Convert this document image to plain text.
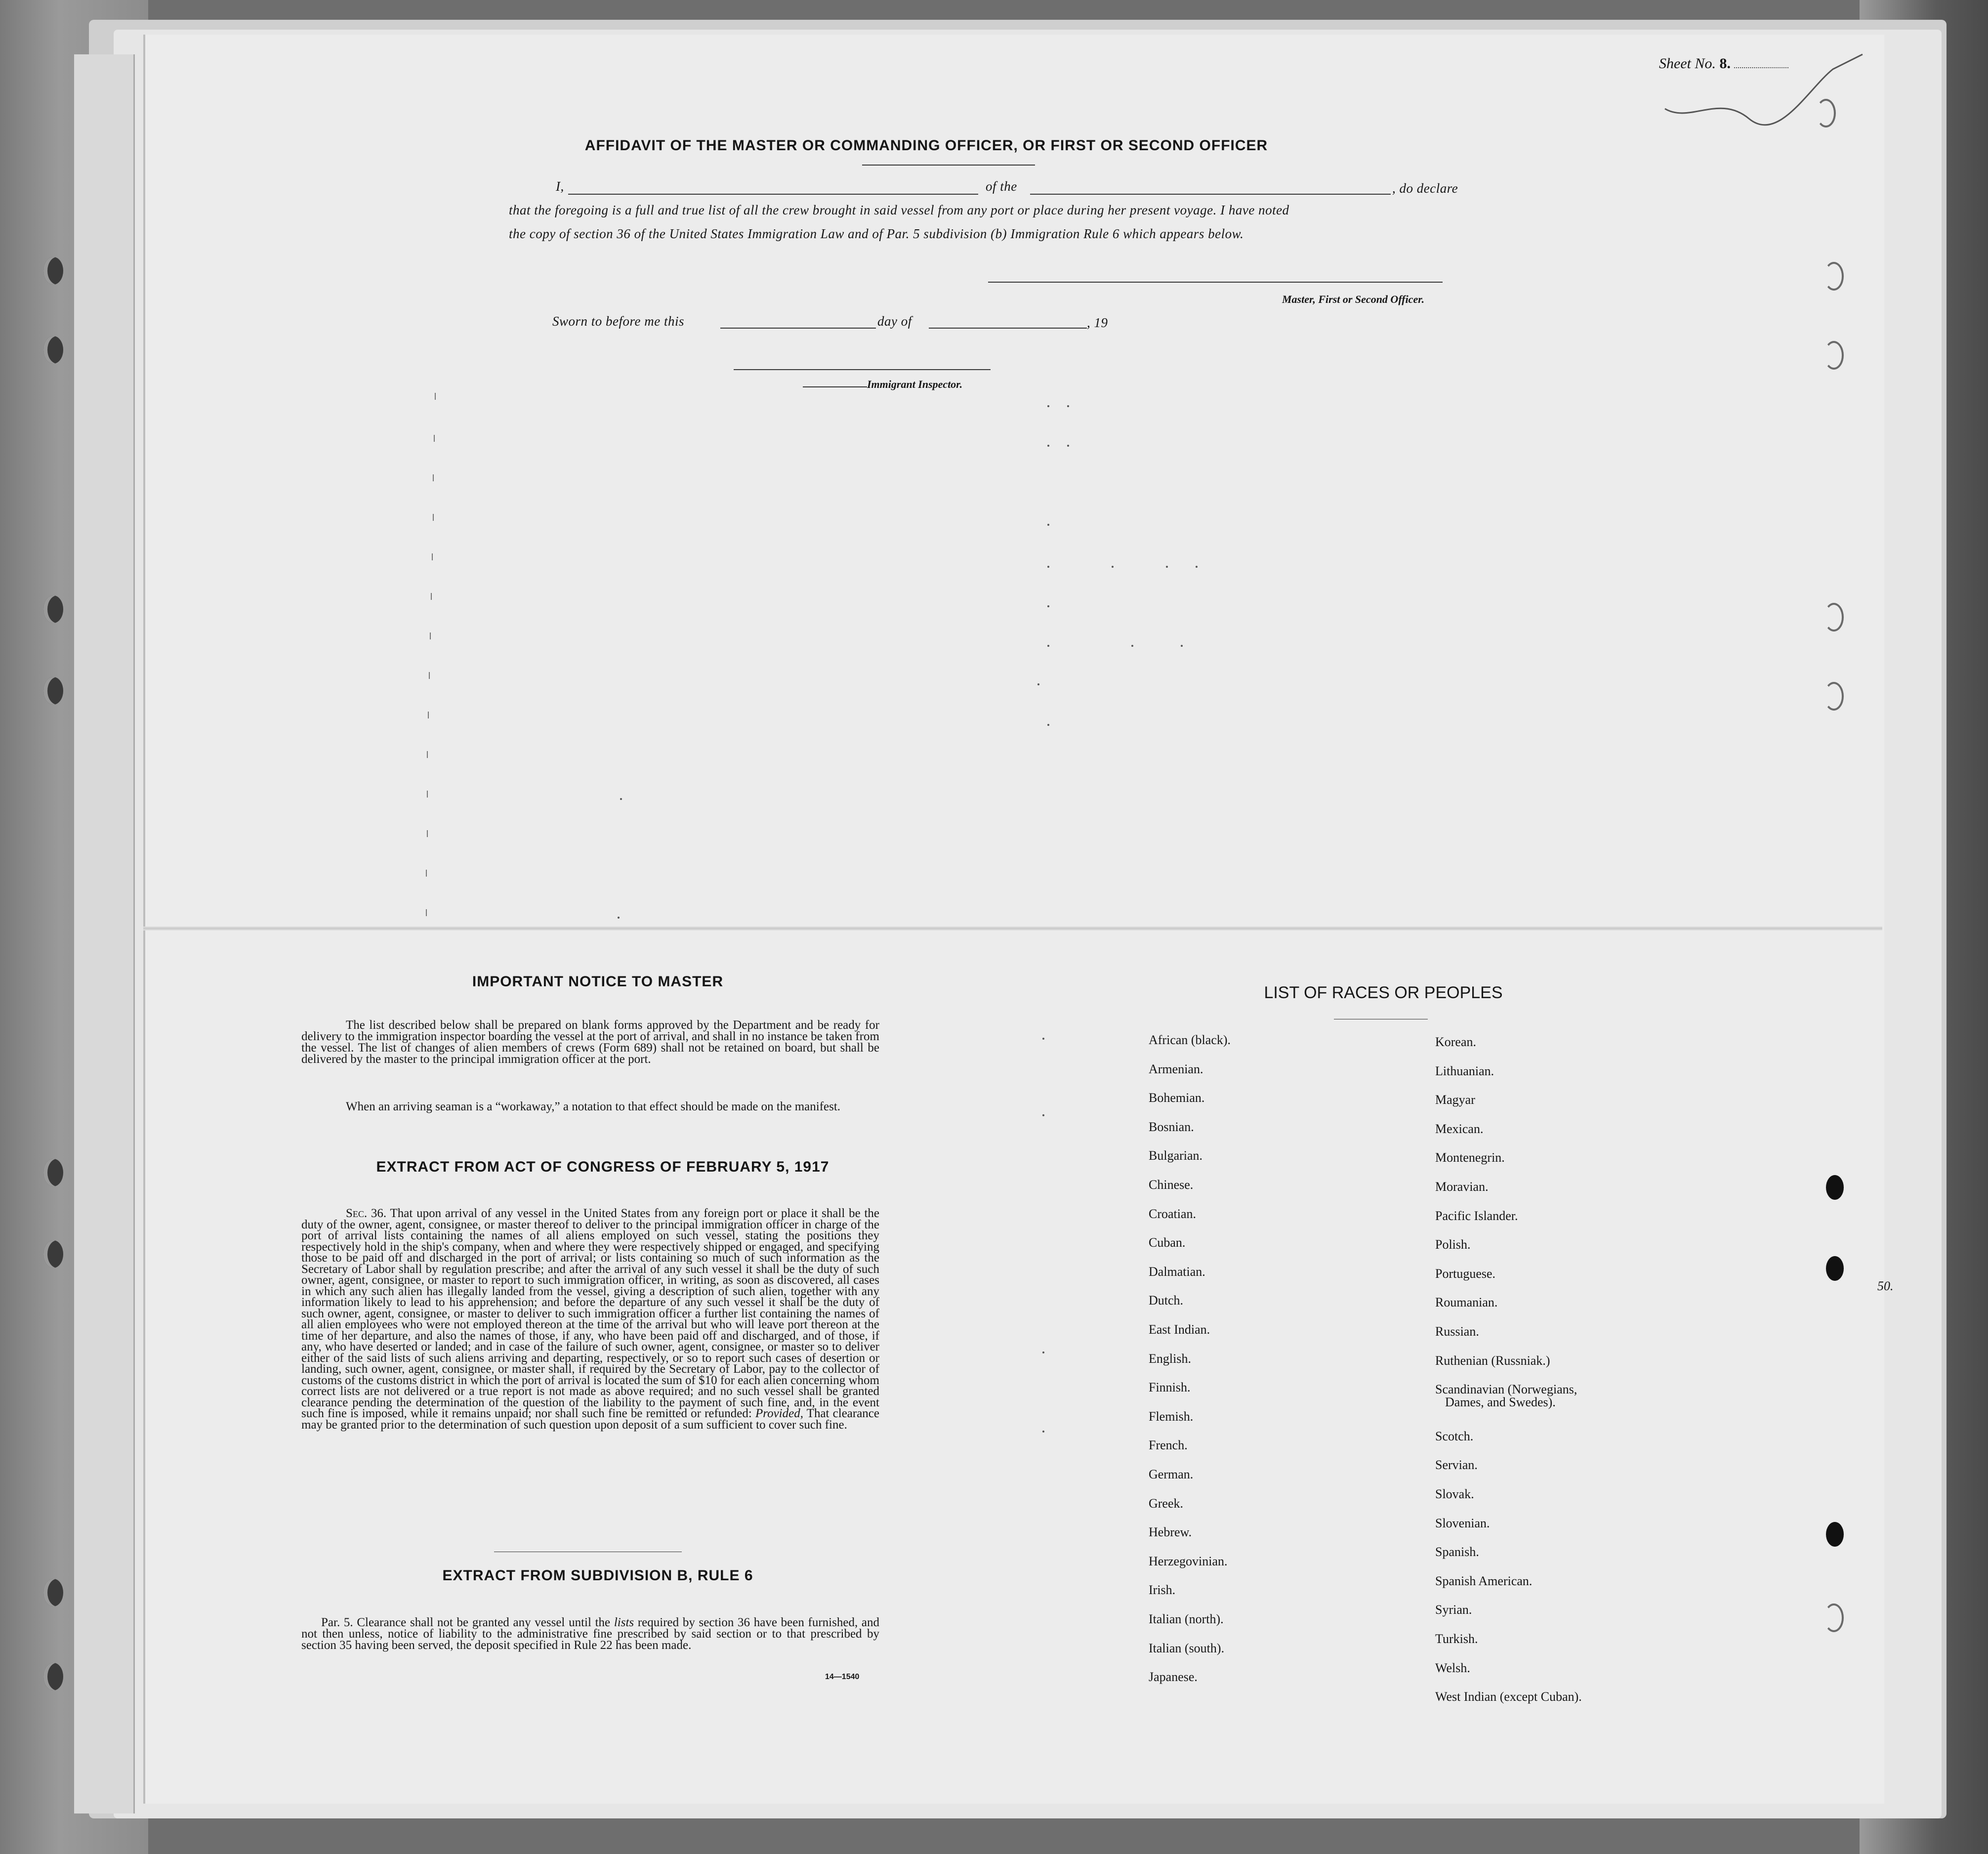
Sheet No. 8.
AFFIDAVIT OF THE MASTER OR COMMANDING OFFICER, OR FIRST OR SECOND OFFICER
I,	of the	, do declare
that the foregoing is a full and true list of all the crew brought in said vessel from any port or place during her present voyage. I have noted
the copy of section 36 of the United States Immigration Law and of Par. 5 subdivision (b) Immigration Rule 6 which appears below.
Master, First or Second Officer.
Sworn to before me this	day of	, 19
Immigrant Inspector.
IMPORTANT NOTICE TO MASTER
The list described below shall be prepared on blank forms approved by the Department and be ready for delivery to the immigration inspector boarding the vessel at the port of arrival, and shall in no instance be taken from the vessel. The list of changes of alien members of crews (Form 689) shall not be retained on board, but shall be delivered by the master to the principal immigration officer at the port.
When an arriving seaman is a “workaway,” a notation to that effect should be made on the manifest.
EXTRACT FROM ACT OF CONGRESS OF FEBRUARY 5, 1917
Sec. 36. That upon arrival of any vessel in the United States from any foreign port or place it shall be the duty of the owner, agent, consignee, or master thereof to deliver to the principal immigration officer in charge of the port of arrival lists containing the names of all aliens employed on such vessel, stating the positions they respectively hold in the ship's company, when and where they were respectively shipped or engaged, and specifying those to be paid off and discharged in the port of arrival; or lists containing so much of such information as the Secretary of Labor shall by regulation prescribe; and after the arrival of any such vessel it shall be the duty of such owner, agent, consignee, or master to report to such immigration officer, in writing, as soon as discovered, all cases in which any such alien has illegally landed from the vessel, giving a description of such alien, together with any information likely to lead to his apprehension; and before the departure of any such vessel it shall be the duty of such owner, agent, consignee, or master to deliver to such immigration officer a further list containing the names of all alien employees who were not employed thereon at the time of the arrival but who will leave port thereon at the time of her departure, and also the names of those, if any, who have been paid off and discharged, and of those, if any, who have deserted or landed; and in case of the failure of such owner, agent, consignee, or master so to deliver either of the said lists of such aliens arriving and departing, respectively, or so to report such cases of desertion or landing, such owner, agent, consignee, or master shall, if required by the Secretary of Labor, pay to the collector of customs of the customs district in which the port of arrival is located the sum of $10 for each alien concerning whom correct lists are not delivered or a true report is not made as above required; and no such vessel shall be granted clearance pending the determination of the question of the liability to the payment of such fine, and, in the event such fine is imposed, while it remains unpaid; nor shall such fine be remitted or refunded: Provided, That clearance may be granted prior to the determination of such question upon deposit of a sum sufficient to cover such fine.
EXTRACT FROM SUBDIVISION B, RULE 6
Par. 5. Clearance shall not be granted any vessel until the lists required by section 36 have been furnished, and not then unless, notice of liability to the administrative fine prescribed by said section or to that prescribed by section 35 having been served, the deposit specified in Rule 22 has been made.
14—1540
LIST OF RACES OR PEOPLES
African (black).
Armenian.
Bohemian.
Bosnian.
Bulgarian.
Chinese.
Croatian.
Cuban.
Dalmatian.
Dutch.
East Indian.
English.
Finnish.
Flemish.
French.
German.
Greek.
Hebrew.
Herzegovinian.
Irish.
Italian (north).
Italian (south).
Japanese.
Korean.
Lithuanian.
Magyar
Mexican.
Montenegrin.
Moravian.
Pacific Islander.
Polish.
Portuguese.
Roumanian.
Russian.
Ruthenian (Russniak.)
Scandinavian (Norwegians,
Dames, and Swedes).
Scotch.
Servian.
Slovak.
Slovenian.
Spanish.
Spanish American.
Syrian.
Turkish.
Welsh.
West Indian (except Cuban).
50.
